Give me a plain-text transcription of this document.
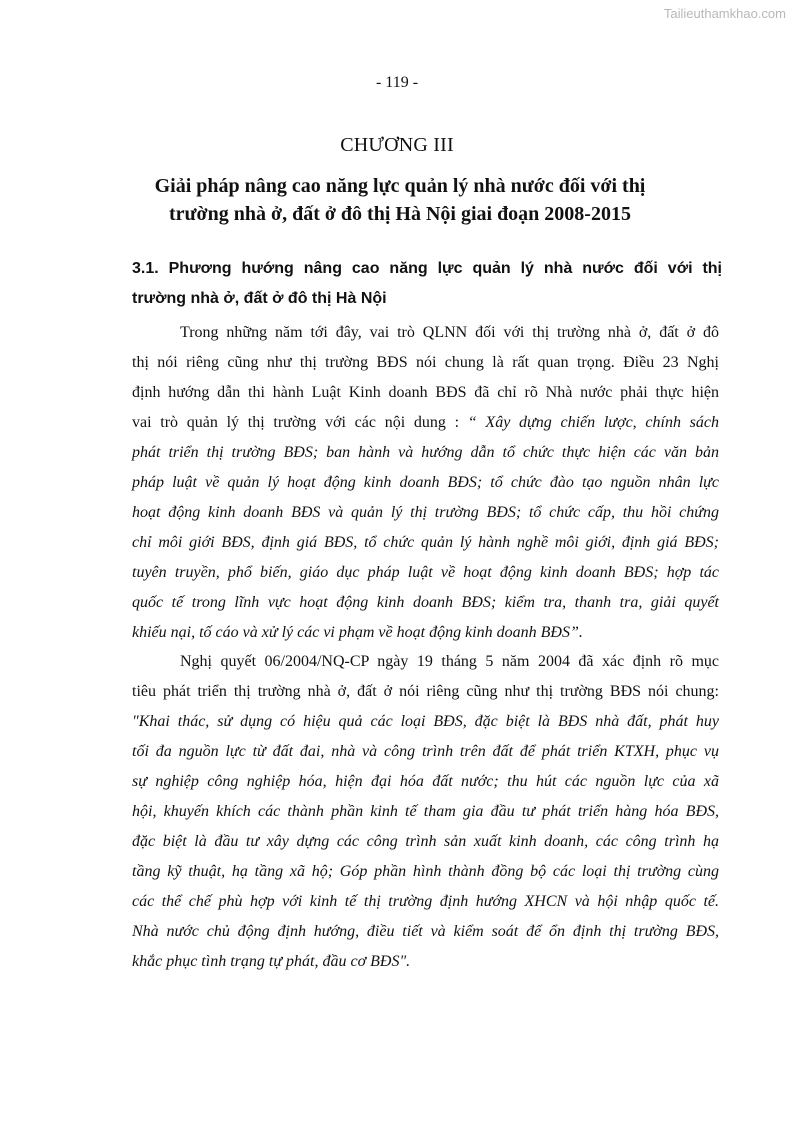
Tailieuthamkhao.com
- 119 -
CHƯƠNG III
Giải pháp nâng cao năng lực quản lý nhà nước đối với thị
trường nhà ở, đất ở đô thị Hà Nội giai đoạn 2008-2015
3.1. Phương hướng nâng cao năng lực quản lý nhà nước đối với thị
trường nhà ở, đất ở đô thị Hà Nội
Trong những năm tới đây, vai trò QLNN đối với thị trường nhà ở, đất ở đô
thị nói riêng cũng như thị trường BĐS nói chung là rất quan trọng. Điều 23 Nghị
định hướng dẫn thi hành Luật Kinh doanh BĐS đã chỉ rõ Nhà nước phải thực hiện
vai trò quản lý thị trường với các nội dung : “ Xây dựng chiến lược, chính sách
phát triển thị trường BĐS; ban hành và hướng dẫn tổ chức thực hiện các văn bản
pháp luật về quản lý hoạt động kinh doanh BĐS; tổ chức đào tạo nguồn nhân lực
hoạt động kinh doanh BĐS và quản lý thị trường BĐS; tổ chức cấp, thu hồi chứng
chỉ môi giới BĐS, định giá BĐS, tổ chức quản lý hành nghề môi giới, định giá BĐS;
tuyên truyền, phổ biến, giáo dục pháp luật về hoạt động kinh doanh BĐS; hợp tác
quốc tế trong lĩnh vực hoạt động kinh doanh BĐS; kiểm tra, thanh tra, giải quyết
khiếu nại, tố cáo và xử lý các vi phạm về hoạt động kinh doanh BĐS”.
Nghị quyết 06/2004/NQ-CP ngày 19 tháng 5 năm 2004 đã xác định rõ mục
tiêu phát triển thị trường nhà ở, đất ở nói riêng cũng như thị trường BĐS nói chung:
"Khai thác, sử dụng có hiệu quả các loại BĐS, đặc biệt là BĐS nhà đất, phát huy
tối đa nguồn lực từ đất đai, nhà và công trình trên đất để phát triển KTXH, phục vụ
sự nghiệp công nghiệp hóa, hiện đại hóa đất nước; thu hút các nguồn lực của xã
hội, khuyến khích các thành phần kinh tế tham gia đầu tư phát triển hàng hóa BĐS,
đặc biệt là đầu tư xây dựng các công trình sản xuất kinh doanh, các công trình hạ
tầng kỹ thuật, hạ tầng xã hộ; Góp phần hình thành đồng bộ các loại thị trường cùng
các thể chế phù hợp với kinh tế thị trường định hướng XHCN và hội nhập quốc tế.
Nhà nước chủ động định hướng, điều tiết và kiểm soát để ổn định thị trường BĐS,
khắc phục tình trạng tự phát, đầu cơ BĐS".
